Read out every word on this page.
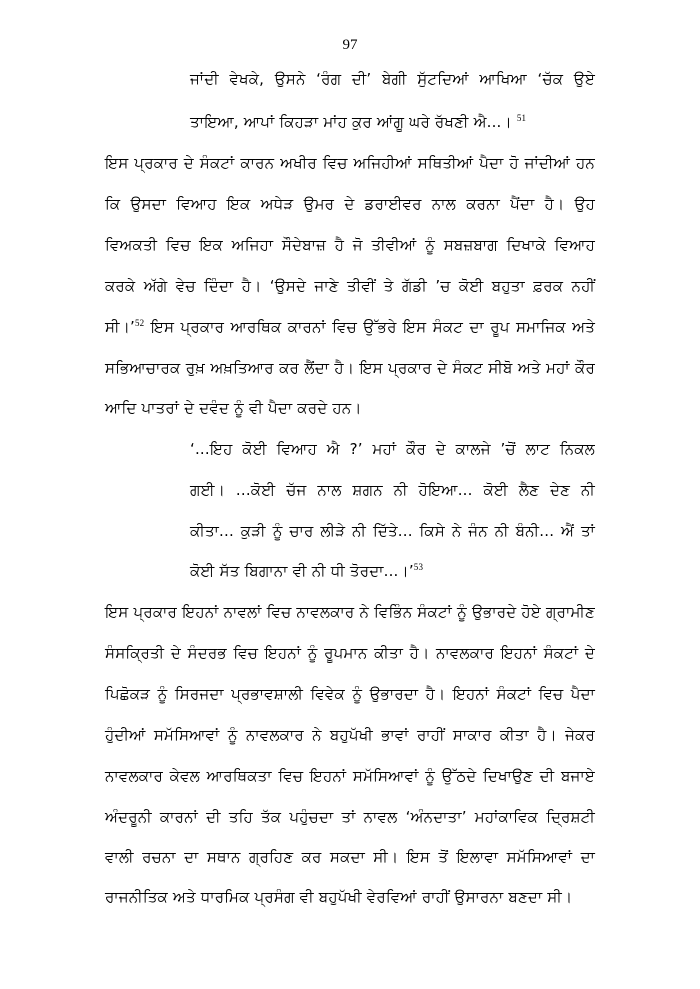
97
ਜਾਂਦੀ ਵੇਖਕੇ, ਉਸਨੇ ‘ਰੰਗ ਦੀ’ ਬੇਗੀ ਸੁੱਟਦਿਆਂ ਆਖਿਆ ‘ਚੱਕ ਉਏ
ਤਾਇਆ, ਆਪਾਂ ਕਿਹੜਾ ਮਾਂਹ ਕੁਰ ਆਂਗੂ ਘਰੇ ਰੱਖਣੀ ਐ...। $^{51}$
ਇਸ ਪ੍ਰਕਾਰ ਦੇ ਸੰਕਟਾਂ ਕਾਰਨ ਅਖੀਰ ਵਿਚ ਅਜਿਹੀਆਂ ਸਥਿਤੀਆਂ ਪੈਦਾ ਹੋ ਜਾਂਦੀਆਂ ਹਨ
ਕਿ ਉਸਦਾ ਵਿਆਹ ਇਕ ਅਧੇੜ ਉਮਰ ਦੇ ਡਰਾਈਵਰ ਨਾਲ ਕਰਨਾ ਪੈਂਦਾ ਹੈ। ਉਹ
ਵਿਅਕਤੀ ਵਿਚ ਇਕ ਅਜਿਹਾ ਸੌਦੇਬਾਜ਼ ਹੈ ਜੋ ਤੀਵੀਆਂ ਨੂੰ ਸਬਜ਼ਬਾਗ ਦਿਖਾਕੇ ਵਿਆਹ
ਕਰਕੇ ਅੱਗੇ ਵੇਚ ਦਿੰਦਾ ਹੈ। ‘ਉਸਦੇ ਜਾਣੇ ਤੀਵੀਂ ਤੇ ਗੱਡੀ ’ਚ ਕੋਈ ਬਹੁਤਾ ਫ਼ਰਕ ਨਹੀਂ
ਸੀ।’$^{52}$ ਇਸ ਪ੍ਰਕਾਰ ਆਰਥਿਕ ਕਾਰਨਾਂ ਵਿਚ ਉੱਭਰੇ ਇਸ ਸੰਕਟ ਦਾ ਰੂਪ ਸਮਾਜਿਕ ਅਤੇ
ਸਭਿਆਚਾਰਕ ਰੁਖ਼ ਅਖ਼ਤਿਆਰ ਕਰ ਲੈਂਦਾ ਹੈ। ਇਸ ਪ੍ਰਕਾਰ ਦੇ ਸੰਕਟ ਸੀਬੋ ਅਤੇ ਮਹਾਂ ਕੌਰ
ਆਦਿ ਪਾਤਰਾਂ ਦੇ ਦਵੰਦ ਨੂੰ ਵੀ ਪੈਦਾ ਕਰਦੇ ਹਨ।
‘...ਇਹ ਕੋਈ ਵਿਆਹ ਐ ?’ ਮਹਾਂ ਕੌਰ ਦੇ ਕਾਲਜੇ ’ਚੋਂ ਲਾਟ ਨਿਕਲ
ਗਈ। ...ਕੋਈ ਚੱਜ ਨਾਲ ਸ਼ਗਨ ਨੀ ਹੋਇਆ... ਕੋਈ ਲੈਣ ਦੇਣ ਨੀ
ਕੀਤਾ... ਕੁੜੀ ਨੂੰ ਚਾਰ ਲੀੜੇ ਨੀ ਦਿੱਤੇ... ਕਿਸੇ ਨੇ ਜੰਨ ਨੀ ਬੰਨੀ... ਐਂ ਤਾਂ
ਕੋਈ ਸੱਤ ਬਿਗਾਨਾ ਵੀ ਨੀ ਧੀ ਤੋਰਦਾ...।’$^{53}$
ਇਸ ਪ੍ਰਕਾਰ ਇਹਨਾਂ ਨਾਵਲਾਂ ਵਿਚ ਨਾਵਲਕਾਰ ਨੇ ਵਿਭਿੰਨ ਸੰਕਟਾਂ ਨੂੰ ਉਭਾਰਦੇ ਹੋਏ ਗ੍ਰਾਮੀਣ
ਸੰਸਕ੍ਰਿਤੀ ਦੇ ਸੰਦਰਭ ਵਿਚ ਇਹਨਾਂ ਨੂੰ ਰੂਪਮਾਨ ਕੀਤਾ ਹੈ। ਨਾਵਲਕਾਰ ਇਹਨਾਂ ਸੰਕਟਾਂ ਦੇ
ਪਿਛੋਕੜ ਨੂੰ ਸਿਰਜਦਾ ਪ੍ਰਭਾਵਸ਼ਾਲੀ ਵਿਵੇਕ ਨੂੰ ਉਭਾਰਦਾ ਹੈ। ਇਹਨਾਂ ਸੰਕਟਾਂ ਵਿਚ ਪੈਦਾ
ਹੁੰਦੀਆਂ ਸਮੱਸਿਆਵਾਂ ਨੂੰ ਨਾਵਲਕਾਰ ਨੇ ਬਹੁਪੱਖੀ ਭਾਵਾਂ ਰਾਹੀਂ ਸਾਕਾਰ ਕੀਤਾ ਹੈ। ਜੇਕਰ
ਨਾਵਲਕਾਰ ਕੇਵਲ ਆਰਥਿਕਤਾ ਵਿਚ ਇਹਨਾਂ ਸਮੱਸਿਆਵਾਂ ਨੂੰ ਉੱਠਦੇ ਦਿਖਾਉਣ ਦੀ ਬਜਾਏ
ਅੰਦਰੂਨੀ ਕਾਰਨਾਂ ਦੀ ਤਹਿ ਤੱਕ ਪਹੁੰਚਦਾ ਤਾਂ ਨਾਵਲ ‘ਅੰਨਦਾਤਾ’ ਮਹਾਂਕਾਵਿਕ ਦ੍ਰਿਸ਼ਟੀ
ਵਾਲੀ ਰਚਨਾ ਦਾ ਸਥਾਨ ਗ੍ਰਹਿਣ ਕਰ ਸਕਦਾ ਸੀ। ਇਸ ਤੋਂ ਇਲਾਵਾ ਸਮੱਸਿਆਵਾਂ ਦਾ
ਰਾਜਨੀਤਿਕ ਅਤੇ ਧਾਰਮਿਕ ਪ੍ਰਸੰਗ ਵੀ ਬਹੁਪੱਖੀ ਵੇਰਵਿਆਂ ਰਾਹੀਂ ਉਸਾਰਨਾ ਬਣਦਾ ਸੀ।
